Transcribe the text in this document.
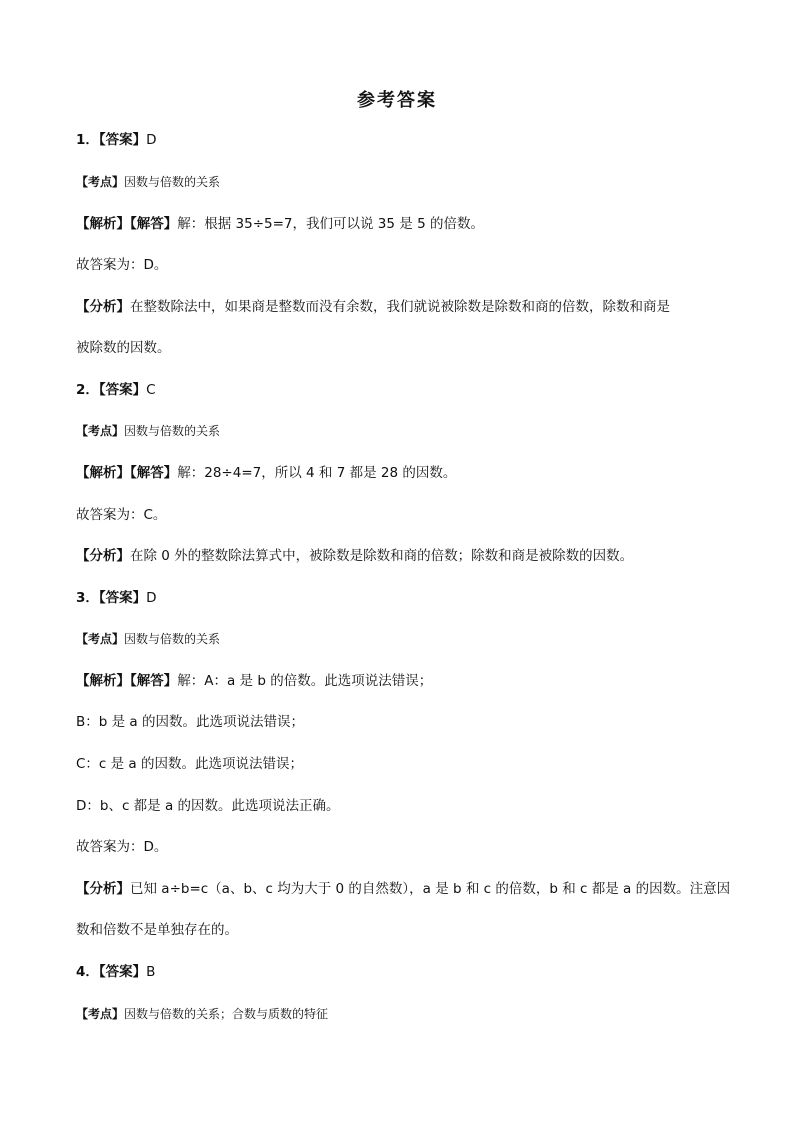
参考答案
1．【答案】D
【考点】因数与倍数的关系
【解析】【解答】解：根据 35÷5=7，我们可以说 35 是 5 的倍数。
故答案为：D。
【分析】在整数除法中，如果商是整数而没有余数，我们就说被除数是除数和商的倍数，除数和商是
被除数的因数。
2．【答案】C
【考点】因数与倍数的关系
【解析】【解答】解：28÷4=7，所以 4 和 7 都是 28 的因数。
故答案为：C。
【分析】在除 0 外的整数除法算式中，被除数是除数和商的倍数；除数和商是被除数的因数。
3．【答案】D
【考点】因数与倍数的关系
【解析】【解答】解：A：a 是 b 的倍数。此选项说法错误；
B：b 是 a 的因数。此选项说法错误；
C：c 是 a 的因数。此选项说法错误；
D：b、c 都是 a 的因数。此选项说法正确。
故答案为：D。
【分析】已知 a÷b=c（a、b、c 均为大于 0 的自然数），a 是 b 和 c 的倍数，b 和 c 都是 a 的因数。注意因
数和倍数不是单独存在的。
4．【答案】B
【考点】因数与倍数的关系；合数与质数的特征
